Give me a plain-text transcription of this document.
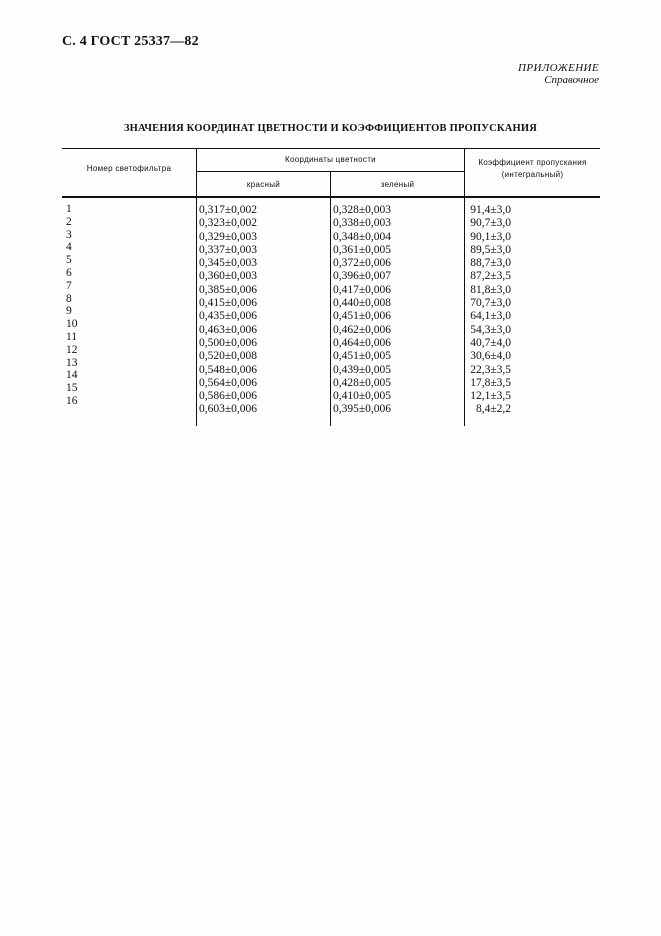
С. 4 ГОСТ 25337—82
ПРИЛОЖЕНИЕ
Справочное
ЗНАЧЕНИЯ КООРДИНАТ ЦВЕТНОСТИ И КОЭФФИЦИЕНТОВ ПРОПУСКАНИЯ
Номер светофильтра
Координаты цветности
красный	зеленый
Коэффициент пропускания
(интегральный)
1
2
3
4
5
6
7
8
9
10
11
12
13
14
15
16
0,317±0,002
0,323±0,002
0,329±0,003
0,337±0,003
0,345±0,003
0,360±0,003
0,385±0,006
0,415±0,006
0,435±0,006
0,463±0,006
0,500±0,006
0,520±0,008
0,548±0,006
0,564±0,006
0,586±0,006
0,603±0,006
0,328±0,003
0,338±0,003
0,348±0,004
0,361±0,005
0,372±0,006
0,396±0,007
0,417±0,006
0,440±0,008
0,451±0,006
0,462±0,006
0,464±0,006
0,451±0,005
0,439±0,005
0,428±0,005
0,410±0,005
0,395±0,006
91,4±3,0
90,7±3,0
90,1±3,0
89,5±3,0
88,7±3,0
87,2±3,5
81,8±3,0
70,7±3,0
64,1±3,0
54,3±3,0
40,7±4,0
30,6±4,0
22,3±3,5
17,8±3,5
12,1±3,5
8,4±2,2
